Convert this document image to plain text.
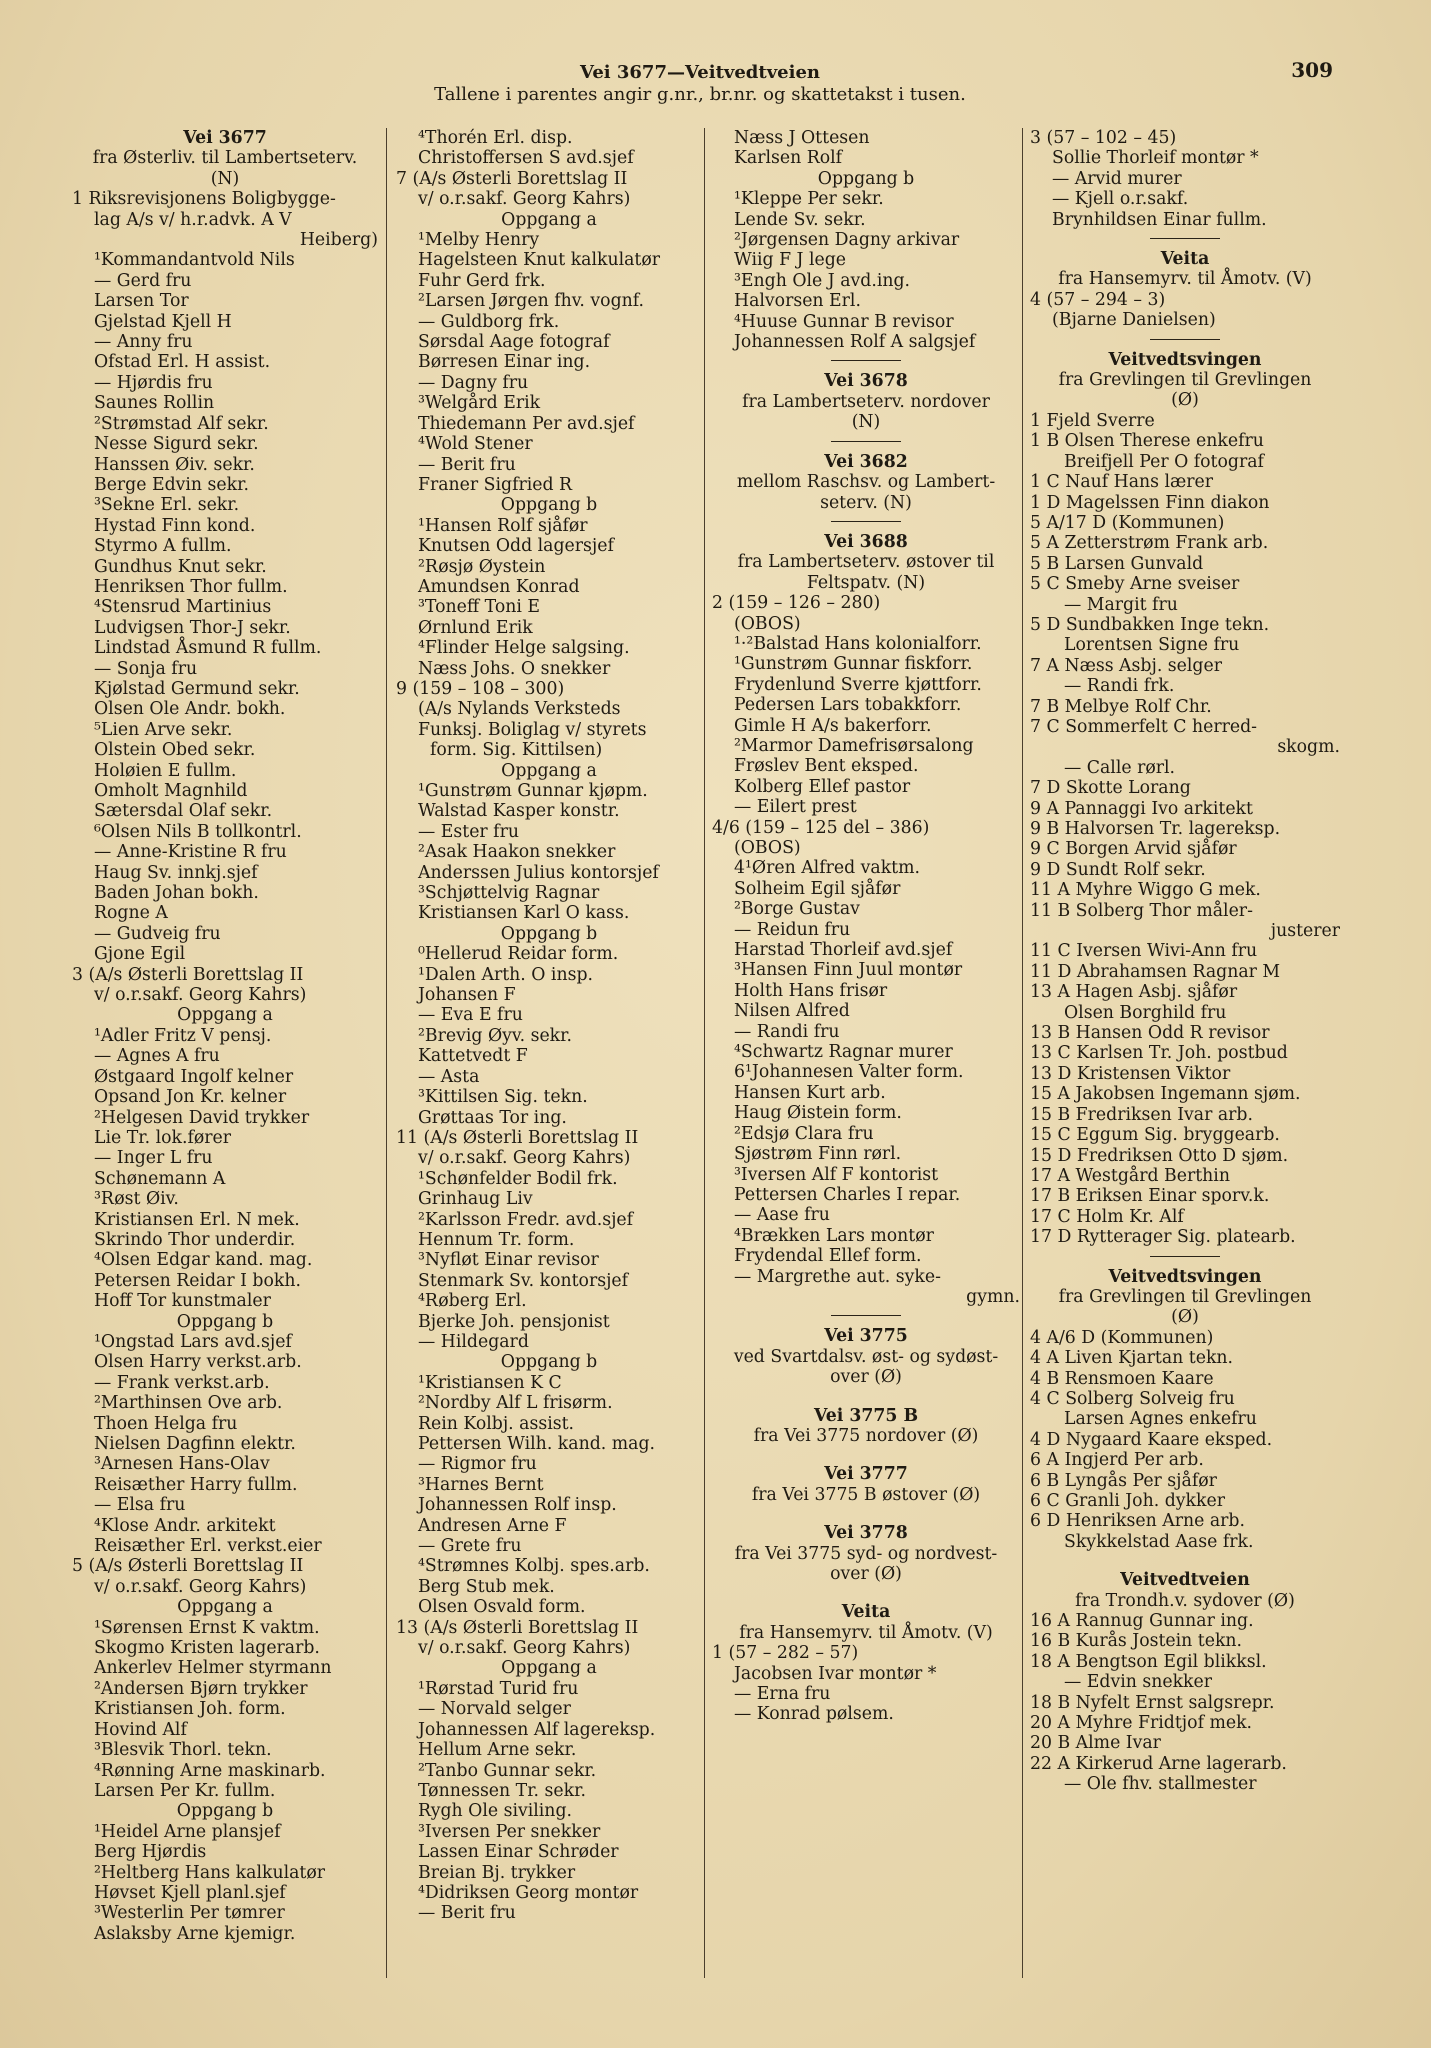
Vei 3677—Veitvedtveien
Tallene i parentes angir g.nr., br.nr. og skattetakst i tusen.
309
Vei 3677
fra Østerliv. til Lambertseterv.
(N)
1 Riksrevisjonens Boligbygge-
lag A/s v/ h.r.advk. A V
Heiberg)
¹Kommandantvold Nils
— Gerd fru
Larsen Tor
Gjelstad Kjell H
— Anny fru
Ofstad Erl. H assist.
— Hjørdis fru
Saunes Rollin
²Strømstad Alf sekr.
Nesse Sigurd sekr.
Hanssen Øiv. sekr.
Berge Edvin sekr.
³Sekne Erl. sekr.
Hystad Finn kond.
Styrmo A fullm.
Gundhus Knut sekr.
Henriksen Thor fullm.
⁴Stensrud Martinius
Ludvigsen Thor-J sekr.
Lindstad Åsmund R fullm.
— Sonja fru
Kjølstad Germund sekr.
Olsen Ole Andr. bokh.
⁵Lien Arve sekr.
Olstein Obed sekr.
Holøien E fullm.
Omholt Magnhild
Sætersdal Olaf sekr.
⁶Olsen Nils B tollkontrl.
— Anne-Kristine R fru
Haug Sv. innkj.sjef
Baden Johan bokh.
Rogne A
— Gudveig fru
Gjone Egil
3 (A/s Østerli Borettslag II
v/ o.r.sakf. Georg Kahrs)
Oppgang a
¹Adler Fritz V pensj.
— Agnes A fru
Østgaard Ingolf kelner
Opsand Jon Kr. kelner
²Helgesen David trykker
Lie Tr. lok.fører
— Inger L fru
Schønemann A
³Røst Øiv.
Kristiansen Erl. N mek.
Skrindo Thor underdir.
⁴Olsen Edgar kand. mag.
Petersen Reidar I bokh.
Hoff Tor kunstmaler
Oppgang b
¹Ongstad Lars avd.sjef
Olsen Harry verkst.arb.
— Frank verkst.arb.
²Marthinsen Ove arb.
Thoen Helga fru
Nielsen Dagfinn elektr.
³Arnesen Hans-Olav
Reisæther Harry fullm.
— Elsa fru
⁴Klose Andr. arkitekt
Reisæther Erl. verkst.eier
5 (A/s Østerli Borettslag II
v/ o.r.sakf. Georg Kahrs)
Oppgang a
¹Sørensen Ernst K vaktm.
Skogmo Kristen lagerarb.
Ankerlev Helmer styrmann
²Andersen Bjørn trykker
Kristiansen Joh. form.
Hovind Alf
³Blesvik Thorl. tekn.
⁴Rønning Arne maskinarb.
Larsen Per Kr. fullm.
Oppgang b
¹Heidel Arne plansjef
Berg Hjørdis
²Heltberg Hans kalkulatør
Høvset Kjell planl.sjef
³Westerlin Per tømrer
Aslaksby Arne kjemigr.
⁴Thorén Erl. disp.
Christoffersen S avd.sjef
7 (A/s Østerli Borettslag II
v/ o.r.sakf. Georg Kahrs)
Oppgang a
¹Melby Henry
Hagelsteen Knut kalkulatør
Fuhr Gerd frk.
²Larsen Jørgen fhv. vognf.
— Guldborg frk.
Sørsdal Aage fotograf
Børresen Einar ing.
— Dagny fru
³Welgård Erik
Thiedemann Per avd.sjef
⁴Wold Stener
— Berit fru
Franer Sigfried R
Oppgang b
¹Hansen Rolf sjåfør
Knutsen Odd lagersjef
²Røsjø Øystein
Amundsen Konrad
³Toneff Toni E
Ørnlund Erik
⁴Flinder Helge salgsing.
Næss Johs. O snekker
9 (159 – 108 – 300)
(A/s Nylands Verksteds
Funksj. Boliglag v/ styrets
form. Sig. Kittilsen)
Oppgang a
¹Gunstrøm Gunnar kjøpm.
Walstad Kasper konstr.
— Ester fru
²Asak Haakon snekker
Anderssen Julius kontorsjef
³Schjøttelvig Ragnar
Kristiansen Karl O kass.
Oppgang b
⁰Hellerud Reidar form.
¹Dalen Arth. O insp.
Johansen F
— Eva E fru
²Brevig Øyv. sekr.
Kattetvedt F
— Asta
³Kittilsen Sig. tekn.
Grøttaas Tor ing.
11 (A/s Østerli Borettslag II
v/ o.r.sakf. Georg Kahrs)
¹Schønfelder Bodil frk.
Grinhaug Liv
²Karlsson Fredr. avd.sjef
Hennum Tr. form.
³Nyfløt Einar revisor
Stenmark Sv. kontorsjef
⁴Røberg Erl.
Bjerke Joh. pensjonist
— Hildegard
Oppgang b
¹Kristiansen K C
²Nordby Alf L frisørm.
Rein Kolbj. assist.
Pettersen Wilh. kand. mag.
— Rigmor fru
³Harnes Bernt
Johannessen Rolf insp.
Andresen Arne F
— Grete fru
⁴Strømnes Kolbj. spes.arb.
Berg Stub mek.
Olsen Osvald form.
13 (A/s Østerli Borettslag II
v/ o.r.sakf. Georg Kahrs)
Oppgang a
¹Rørstad Turid fru
— Norvald selger
Johannessen Alf lagereksp.
Hellum Arne sekr.
²Tanbo Gunnar sekr.
Tønnessen Tr. sekr.
Rygh Ole siviling.
³Iversen Per snekker
Lassen Einar Schrøder
Breian Bj. trykker
⁴Didriksen Georg montør
— Berit fru
Næss J Ottesen
Karlsen Rolf
Oppgang b
¹Kleppe Per sekr.
Lende Sv. sekr.
²Jørgensen Dagny arkivar
Wiig F J lege
³Engh Ole J avd.ing.
Halvorsen Erl.
⁴Huuse Gunnar B revisor
Johannessen Rolf A salgsjef
Vei 3678
fra Lambertseterv. nordover
(N)
Vei 3682
mellom Raschsv. og Lambert-
seterv. (N)
Vei 3688
fra Lambertseterv. østover til
Feltspatv. (N)
2 (159 – 126 – 280)
(OBOS)
¹·²Balstad Hans kolonialforr.
¹Gunstrøm Gunnar fiskforr.
Frydenlund Sverre kjøttforr.
Pedersen Lars tobakkforr.
Gimle H A/s bakerforr.
²Marmor Damefrisørsalong
Frøslev Bent eksped.
Kolberg Ellef pastor
— Eilert prest
4/6 (159 – 125 del – 386)
(OBOS)
4¹Øren Alfred vaktm.
Solheim Egil sjåfør
²Borge Gustav
— Reidun fru
Harstad Thorleif avd.sjef
³Hansen Finn Juul montør
Holth Hans frisør
Nilsen Alfred
— Randi fru
⁴Schwartz Ragnar murer
6¹Johannesen Valter form.
Hansen Kurt arb.
Haug Øistein form.
²Edsjø Clara fru
Sjøstrøm Finn rørl.
³Iversen Alf F kontorist
Pettersen Charles I repar.
— Aase fru
⁴Brækken Lars montør
Frydendal Ellef form.
— Margrethe aut. syke-
gymn.
Vei 3775
ved Svartdalsv. øst- og sydøst-
over (Ø)
Vei 3775 B
fra Vei 3775 nordover (Ø)
Vei 3777
fra Vei 3775 B østover (Ø)
Vei 3778
fra Vei 3775 syd- og nordvest-
over (Ø)
Veita
fra Hansemyrv. til Åmotv. (V)
1 (57 – 282 – 57)
Jacobsen Ivar montør *
— Erna fru
— Konrad pølsem.
3 (57 – 102 – 45)
Sollie Thorleif montør *
— Arvid murer
— Kjell o.r.sakf.
Brynhildsen Einar fullm.
Veita
fra Hansemyrv. til Åmotv. (V)
4 (57 – 294 – 3)
(Bjarne Danielsen)
Veitvedtsvingen
fra Grevlingen til Grevlingen
(Ø)
1 Fjeld Sverre
1 B Olsen Therese enkefru
Breifjell Per O fotograf
1 C Nauf Hans lærer
1 D Magelssen Finn diakon
5 A/17 D (Kommunen)
5 A Zetterstrøm Frank arb.
5 B Larsen Gunvald
5 C Smeby Arne sveiser
— Margit fru
5 D Sundbakken Inge tekn.
Lorentsen Signe fru
7 A Næss Asbj. selger
— Randi frk.
7 B Melbye Rolf Chr.
7 C Sommerfelt C herred-
skogm.
— Calle rørl.
7 D Skotte Lorang
9 A Pannaggi Ivo arkitekt
9 B Halvorsen Tr. lagereksp.
9 C Borgen Arvid sjåfør
9 D Sundt Rolf sekr.
11 A Myhre Wiggo G mek.
11 B Solberg Thor måler-
justerer
11 C Iversen Wivi-Ann fru
11 D Abrahamsen Ragnar M
13 A Hagen Asbj. sjåfør
Olsen Borghild fru
13 B Hansen Odd R revisor
13 C Karlsen Tr. Joh. postbud
13 D Kristensen Viktor
15 A Jakobsen Ingemann sjøm.
15 B Fredriksen Ivar arb.
15 C Eggum Sig. bryggearb.
15 D Fredriksen Otto D sjøm.
17 A Westgård Berthin
17 B Eriksen Einar sporv.k.
17 C Holm Kr. Alf
17 D Rytterager Sig. platearb.
Veitvedtsvingen
fra Grevlingen til Grevlingen
(Ø)
4 A/6 D (Kommunen)
4 A Liven Kjartan tekn.
4 B Rensmoen Kaare
4 C Solberg Solveig fru
Larsen Agnes enkefru
4 D Nygaard Kaare eksped.
6 A Ingjerd Per arb.
6 B Lyngås Per sjåfør
6 C Granli Joh. dykker
6 D Henriksen Arne arb.
Skykkelstad Aase frk.
Veitvedtveien
fra Trondh.v. sydover (Ø)
16 A Rannug Gunnar ing.
16 B Kurås Jostein tekn.
18 A Bengtson Egil blikksl.
— Edvin snekker
18 B Nyfelt Ernst salgsrepr.
20 A Myhre Fridtjof mek.
20 B Alme Ivar
22 A Kirkerud Arne lagerarb.
— Ole fhv. stallmester
